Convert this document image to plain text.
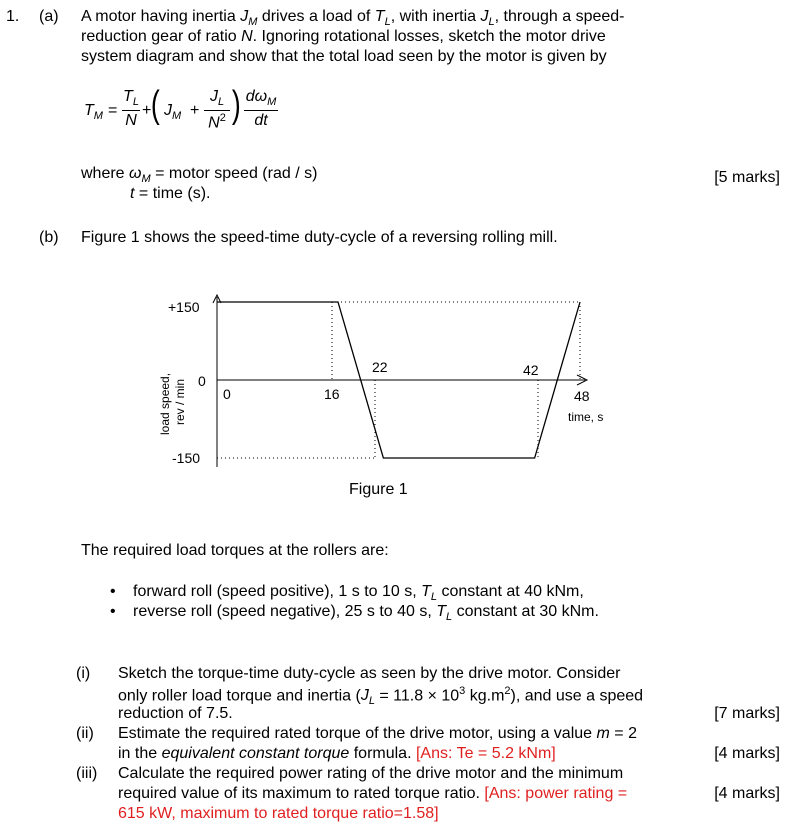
1. (a) A motor having inertia $J_M$ drives a load of $T_L$, with inertia $J_L$, through a speed-
reduction gear of ratio N. Ignoring rotational losses, sketch the motor drive
system diagram and show that the total load seen by the motor is given by
$T_M$ =
$T_L$
N
+ ( $J_M$ +
$J_L$
$N^2$ ) $d\omega_M$
dt
where $\omega_M$ = motor speed (rad / s)
t = time (s).
[5 marks]
(b) Figure 1 shows the speed-time duty-cycle of a reversing rolling mill.
+150
0
-150
0	16
22	42
48
time, s
load speed, rev / min
Figure 1
The required load torques at the rollers are:
• forward roll (speed positive), 1 s to 10 s, $T_L$ constant at 40 kNm,
• reverse roll (speed negative), 25 s to 40 s, $T_L$ constant at 30 kNm.
(i) Sketch the torque-time duty-cycle as seen by the drive motor. Consider
only roller load torque and inertia ($J_L = 11.8 \times 10^3$ $kg.m^2$), and use a speed
reduction of 7.5.	[7 marks]
(ii) Estimate the required rated torque of the drive motor, using a value m = 2
in the equivalent constant torque formula. [Ans: Te = 5.2 kNm]	[4 marks]
(iii) Calculate the required power rating of the drive motor and the minimum
required value of its maximum to rated torque ratio. [Ans: power rating =
615 kW, maximum to rated torque ratio=1.58]
[4 marks]
